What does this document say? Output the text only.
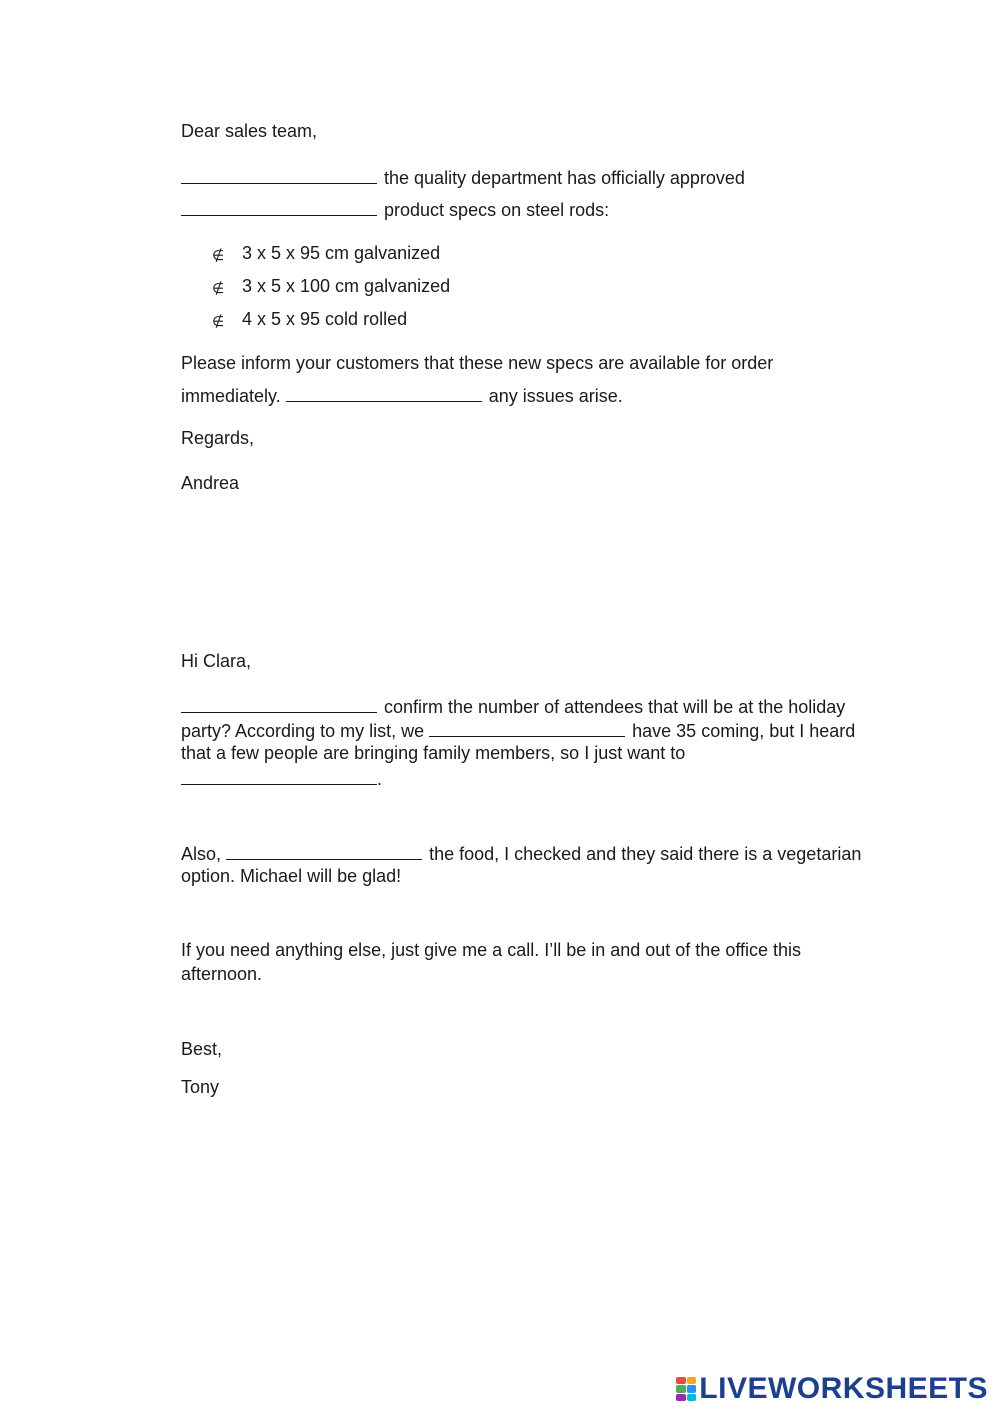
Dear sales team,
the quality department has officially approved
product specs on steel rods:
∉ 3 x 5 x 95 cm galvanized
∉ 3 x 5 x 100 cm galvanized
∉ 4 x 5 x 95 cold rolled
Please inform your customers that these new specs are available for order
immediately.	any issues arise.
Regards,
Andrea
Hi Clara,
confirm the number of attendees that will be at the holiday
party? According to my list, we	have 35 coming, but I heard
that a few people are bringing family members, so I just want to
.
Also,	the food, I checked and they said there is a vegetarian
option. Michael will be glad!
If you need anything else, just give me a call. I’ll be in and out of the office this
afternoon.
Best,
Tony
LIVEWORKSHEETS
